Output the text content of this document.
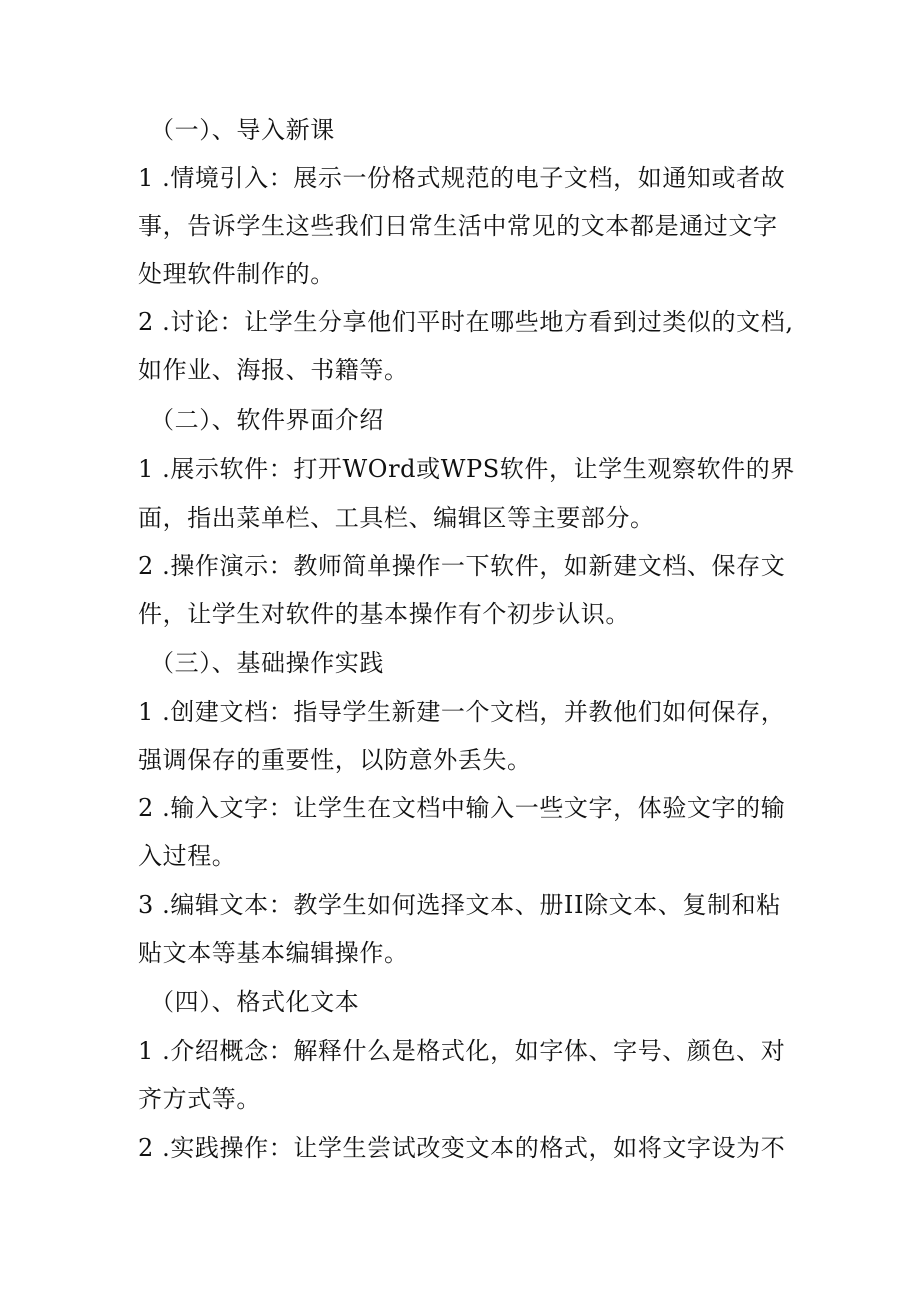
（一）、导入新课
1 .情境引入：展示一份格式规范的电子文档，如通知或者故
事，告诉学生这些我们日常生活中常见的文本都是通过文字
处理软件制作的。
2 .讨论：让学生分享他们平时在哪些地方看到过类似的文档,
如作业、海报、书籍等。
（二）、软件界面介绍
1 .展示软件：打开WOrd或WPS软件，让学生观察软件的界
面，指出菜单栏、工具栏、编辑区等主要部分。
2 .操作演示：教师简单操作一下软件，如新建文档、保存文
件，让学生对软件的基本操作有个初步认识。
（三）、基础操作实践
1 .创建文档：指导学生新建一个文档，并教他们如何保存，
强调保存的重要性，以防意外丢失。
2 .输入文字：让学生在文档中输入一些文字，体验文字的输
入过程。
3 .编辑文本：教学生如何选择文本、册II除文本、复制和粘
贴文本等基本编辑操作。
（四）、格式化文本
1 .介绍概念：解释什么是格式化，如字体、字号、颜色、对
齐方式等。
2 .实践操作：让学生尝试改变文本的格式，如将文字设为不
